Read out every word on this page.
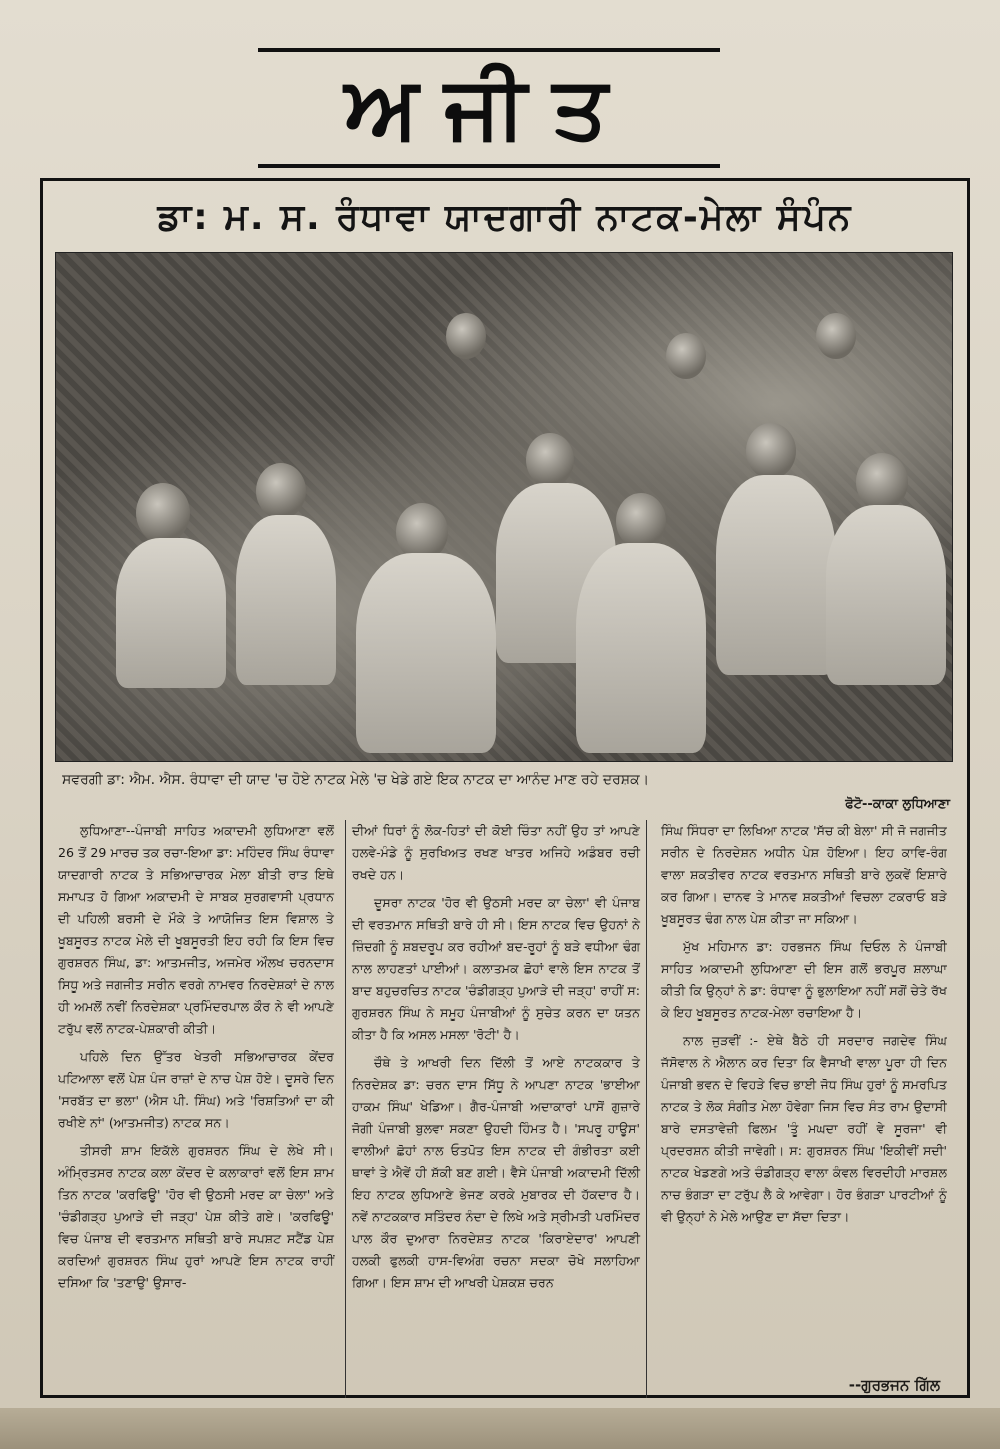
ਅਜੀਤ
ਡਾ: ਮ. ਸ. ਰੰਧਾਵਾ ਯਾਦਗਾਰੀ ਨਾਟਕ-ਮੇਲਾ ਸੰਪੰਨ
ਸਵਰਗੀ ਡਾ: ਐਮ. ਐਸ. ਰੰਧਾਵਾ ਦੀ ਯਾਦ 'ਚ ਹੋਏ ਨਾਟਕ ਮੇਲੇ 'ਚ ਖੇਡੇ ਗਏ ਇਕ ਨਾਟਕ ਦਾ ਆਨੰਦ ਮਾਣ ਰਹੇ ਦਰਸ਼ਕ।
ਫੋਟੋ--ਕਾਕਾ ਲੁਧਿਆਣਾ

ਲੁਧਿਆਣਾ--ਪੰਜਾਬੀ ਸਾਹਿਤ ਅਕਾਦਮੀ ਲੁਧਿਆਣਾ ਵਲੋਂ 26 ਤੋਂ 29 ਮਾਰਚ ਤਕ ਰਚਾ-ਇਆ ਡਾ: ਮਹਿੰਦਰ ਸਿੰਘ ਰੰਧਾਵਾ ਯਾਦਗਾਰੀ ਨਾਟਕ ਤੇ ਸਭਿਆਚਾਰਕ ਮੇਲਾ ਬੀਤੀ ਰਾਤ ਇਥੇ ਸਮਾਪਤ ਹੋ ਗਿਆ ਅਕਾਦਮੀ ਦੇ ਸਾਬਕ ਸੁਰਗਵਾਸੀ ਪ੍ਰਧਾਨ ਦੀ ਪਹਿਲੀ ਬਰਸੀ ਦੇ ਮੌਕੇ ਤੇ ਆਯੋਜਿਤ ਇਸ ਵਿਸ਼ਾਲ ਤੇ ਖੂਬਸੂਰਤ ਨਾਟਕ ਮੇਲੇ ਦੀ ਖੂਬਸੂਰਤੀ ਇਹ ਰਹੀ ਕਿ ਇਸ ਵਿਚ ਗੁਰਸ਼ਰਨ ਸਿੰਘ, ਡਾ: ਆਤਮਜੀਤ, ਅਜਮੇਰ ਔਲਖ ਚਰਨਦਾਸ ਸਿਧੂ ਅਤੇ ਜਗਜੀਤ ਸਰੀਨ ਵਰਗੇ ਨਾਮਵਰ ਨਿਰਦੇਸ਼ਕਾਂ ਦੇ ਨਾਲ ਹੀ ਅਮਲੋਂ ਨਵੀਂ ਨਿਰਦੇਸ਼ਕਾ ਪ੍ਰਮਿੰਦਰਪਾਲ ਕੌਰ ਨੇ ਵੀ ਆਪਣੇ ਟਰੁੱਪ ਵਲੋਂ ਨਾਟਕ-ਪੇਸ਼ਕਾਰੀ ਕੀਤੀ।

ਪਹਿਲੇ ਦਿਨ ਉੱਤਰ ਖੇਤਰੀ ਸਭਿਆਚਾਰਕ ਕੇਂਦਰ ਪਟਿਆਲਾ ਵਲੋਂ ਪੇਸ਼ ਪੰਜ ਰਾਜ਼ਾਂ ਦੇ ਨਾਚ ਪੇਸ਼ ਹੋਏ। ਦੂਸਰੇ ਦਿਨ 'ਸਰਬੱਤ ਦਾ ਭਲਾ' (ਐਸ ਪੀ. ਸਿੰਘ) ਅਤੇ 'ਰਿਸ਼ਤਿਆਂ ਦਾ ਕੀ ਰਖੀਏ ਨਾਂ' (ਆਤਮਜੀਤ) ਨਾਟਕ ਸਨ।

ਤੀਸਰੀ ਸ਼ਾਮ ਇਕੱਲੇ ਗੁਰਸ਼ਰਨ ਸਿੰਘ ਦੇ ਲੇਖੇ ਸੀ। ਅੰਮ੍ਰਿਤਸਰ ਨਾਟਕ ਕਲਾ ਕੇਂਦਰ ਦੇ ਕਲਾਕਾਰਾਂ ਵਲੋਂ ਇਸ ਸ਼ਾਮ ਤਿਨ ਨਾਟਕ 'ਕਰਫਿਊ' 'ਹੋਰ ਵੀ ਉਠਸੀ ਮਰਦ ਕਾ ਚੇਲਾ' ਅਤੇ 'ਚੰਡੀਗੜ੍ਹ ਪੁਆੜੇ ਦੀ ਜੜ੍ਹ' ਪੇਸ਼ ਕੀਤੇ ਗਏ। 'ਕਰਫਿਊ' ਵਿਚ ਪੰਜਾਬ ਦੀ ਵਰਤਮਾਨ ਸਥਿਤੀ ਬਾਰੇ ਸਪਸ਼ਟ ਸਟੈਂਡ ਪੇਸ਼ ਕਰਦਿਆਂ ਗੁਰਸ਼ਰਨ ਸਿੰਘ ਹੁਰਾਂ ਆਪਣੇ ਇਸ ਨਾਟਕ ਰਾਹੀਂ ਦਸਿਆ ਕਿ 'ਤਣਾਉ' ਉਸਾਰ-

ਦੀਆਂ ਧਿਰਾਂ ਨੂੰ ਲੋਕ-ਹਿਤਾਂ ਦੀ ਕੋਈ ਚਿੰਤਾ ਨਹੀਂ ਉਹ ਤਾਂ ਆਪਣੇ ਹਲਵੇ-ਮੰਡੇ ਨੂੰ ਸੁਰਖਿਅਤ ਰਖਣ ਖਾਤਰ ਅਜਿਹੇ ਅਡੰਬਰ ਰਚੀ ਰਖਦੇ ਹਨ।

ਦੂਸਰਾ ਨਾਟਕ 'ਹੋਰ ਵੀ ਉਠਸੀ ਮਰਦ ਕਾ ਚੇਲਾ' ਵੀ ਪੰਜਾਬ ਦੀ ਵਰਤਮਾਨ ਸਥਿਤੀ ਬਾਰੇ ਹੀ ਸੀ। ਇਸ ਨਾਟਕ ਵਿਚ ਉਹਨਾਂ ਨੇ ਜ਼ਿੰਦਗੀ ਨੂੰ ਸ਼ਬਦਰੂਪ ਕਰ ਰਹੀਆਂ ਬਦ-ਰੂਹਾਂ ਨੂੰ ਬੜੇ ਵਧੀਆ ਢੰਗ ਨਾਲ ਲਾਹਣਤਾਂ ਪਾਈਆਂ। ਕਲਾਤਮਕ ਛੋਹਾਂ ਵਾਲੇ ਇਸ ਨਾਟਕ ਤੋਂ ਬਾਦ ਬਹੁਚਰਚਿਤ ਨਾਟਕ 'ਚੰਡੀਗੜ੍ਹ ਪੁਆੜੇ ਦੀ ਜੜ੍ਹ' ਰਾਹੀਂ ਸ: ਗੁਰਸ਼ਰਨ ਸਿੰਘ ਨੇ ਸਮੂਹ ਪੰਜਾਬੀਆਂ ਨੂੰ ਸੁਚੇਤ ਕਰਨ ਦਾ ਯਤਨ ਕੀਤਾ ਹੈ ਕਿ ਅਸਲ ਮਸਲਾ 'ਰੋਟੀ' ਹੈ।

ਚੌਥੇ ਤੇ ਆਖਰੀ ਦਿਨ ਦਿੱਲੀ ਤੋਂ ਆਏ ਨਾਟਕਕਾਰ ਤੇ ਨਿਰਦੇਸ਼ਕ ਡਾ: ਚਰਨ ਦਾਸ ਸਿੱਧੂ ਨੇ ਆਪਣਾ ਨਾਟਕ 'ਭਾਈਆ ਹਾਕਮ ਸਿੰਘ' ਖੇਡਿਆ। ਗੈਰ-ਪੰਜਾਬੀ ਅਦਾਕਾਰਾਂ ਪਾਸੋਂ ਗੁਜ਼ਾਰੇ ਜੋਗੀ ਪੰਜਾਬੀ ਬੁਲਵਾ ਸਕਣਾ ਉਹਦੀ ਹਿੰਮਤ ਹੈ। 'ਸਪਰੂ ਹਾਊਸ' ਵਾਲੀਆਂ ਛੋਹਾਂ ਨਾਲ ਓਤਪੋਤ ਇਸ ਨਾਟਕ ਦੀ ਗੰਭੀਰਤਾ ਕਈ ਥਾਵਾਂ ਤੇ ਐਵੇਂ ਹੀ ਸ਼ੱਕੀ ਬਣ ਗਈ। ਵੈਸੇ ਪੰਜਾਬੀ ਅਕਾਦਮੀ ਦਿੱਲੀ ਇਹ ਨਾਟਕ ਲੁਧਿਆਣੇ ਭੇਜਣ ਕਰਕੇ ਮੁਬਾਰਕ ਦੀ ਹੱਕਦਾਰ ਹੈ। ਨਵੇਂ ਨਾਟਕਕਾਰ ਸਤਿੰਦਰ ਨੰਦਾ ਦੇ ਲਿਖੇ ਅਤੇ ਸ੍ਰੀਮਤੀ ਪਰਮਿੰਦਰ ਪਾਲ ਕੌਰ ਦੁਆਰਾ ਨਿਰਦੇਸ਼ਤ ਨਾਟਕ 'ਕਿਰਾਏਦਾਰ' ਆਪਣੀ ਹਲਕੀ ਫੁਲਕੀ ਹਾਸ-ਵਿਅੰਗ ਰਚਨਾ ਸਦਕਾ ਚੋਖੇ ਸਲਾਹਿਆ ਗਿਆ। ਇਸ ਸ਼ਾਮ ਦੀ ਆਖਰੀ ਪੇਸ਼ਕਸ਼ ਚਰਨ

ਸਿੰਘ ਸਿੰਧਰਾ ਦਾ ਲਿਖਿਆ ਨਾਟਕ 'ਸੱਚ ਕੀ ਬੇਲਾ' ਸੀ ਜੋ ਜਗਜੀਤ ਸਰੀਨ ਦੇ ਨਿਰਦੇਸ਼ਨ ਅਧੀਨ ਪੇਸ਼ ਹੋਇਆ। ਇਹ ਕਾਵਿ-ਰੰਗ ਵਾਲਾ ਸ਼ਕਤੀਵਰ ਨਾਟਕ ਵਰਤਮਾਨ ਸਥਿਤੀ ਬਾਰੇ ਲੁਕਵੇਂ ਇਸ਼ਾਰੇ ਕਰ ਗਿਆ। ਦਾਨਵ ਤੇ ਮਾਨਵ ਸ਼ਕਤੀਆਂ ਵਿਚਲਾ ਟਕਰਾਓ ਬੜੇ ਖੂਬਸੂਰਤ ਢੰਗ ਨਾਲ ਪੇਸ਼ ਕੀਤਾ ਜਾ ਸਕਿਆ।

ਮੁੱਖ ਮਹਿਮਾਨ ਡਾ: ਹਰਭਜਨ ਸਿੰਘ ਦਿਓਲ ਨੇ ਪੰਜਾਬੀ ਸਾਹਿਤ ਅਕਾਦਮੀ ਲੁਧਿਆਣਾ ਦੀ ਇਸ ਗਲੋਂ ਭਰਪੂਰ ਸ਼ਲਾਘਾ ਕੀਤੀ ਕਿ ਉਨ੍ਹਾਂ ਨੇ ਡਾ: ਰੰਧਾਵਾ ਨੂੰ ਭੁਲਾਇਆ ਨਹੀਂ ਸਗੋਂ ਚੇਤੇ ਰੱਖ ਕੇ ਇਹ ਖੂਬਸੂਰਤ ਨਾਟਕ-ਮੇਲਾ ਰਚਾਇਆ ਹੈ।

ਨਾਲ ਜੁੜਵੀਂ :- ਏਥੇ ਬੈਠੇ ਹੀ ਸਰਦਾਰ ਜਗਦੇਵ ਸਿੰਘ ਜੱਸੋਵਾਲ ਨੇ ਐਲਾਨ ਕਰ ਦਿਤਾ ਕਿ ਵੈਸਾਖੀ ਵਾਲਾ ਪੂਰਾ ਹੀ ਦਿਨ ਪੰਜਾਬੀ ਭਵਨ ਦੇ ਵਿਹੜੇ ਵਿਚ ਭਾਈ ਜੋਧ ਸਿੰਘ ਹੁਰਾਂ ਨੂੰ ਸਮਰਪਿਤ ਨਾਟਕ ਤੇ ਲੋਕ ਸੰਗੀਤ ਮੇਲਾ ਹੋਵੇਗਾ ਜਿਸ ਵਿਚ ਸੰਤ ਰਾਮ ਉਦਾਸੀ ਬਾਰੇ ਦਸਤਾਵੇਜ਼ੀ ਫਿਲਮ 'ਤੂੰ ਮਘਦਾ ਰਹੀਂ ਵੇ ਸੂਰਜਾ' ਵੀ ਪ੍ਰਦਰਸ਼ਨ ਕੀਤੀ ਜਾਵੇਗੀ। ਸ: ਗੁਰਸ਼ਰਨ ਸਿੰਘ 'ਇਕੀਵੀਂ ਸਦੀ' ਨਾਟਕ ਖੇਡਣਗੇ ਅਤੇ ਚੰਡੀਗੜ੍ਹ ਵਾਲਾ ਕੰਵਲ ਵਿਰਦੀਹੀ ਮਾਰਸ਼ਲ ਨਾਚ ਭੰਗੜਾ ਦਾ ਟਰੁੱਪ ਲੈ ਕੇ ਆਵੇਗਾ। ਹੋਰ ਭੰਗੜਾ ਪਾਰਟੀਆਂ ਨੂੰ ਵੀ ਉਨ੍ਹਾਂ ਨੇ ਮੇਲੇ ਆਉਣ ਦਾ ਸੱਦਾ ਦਿਤਾ।

--ਗੁਰਭਜਨ ਗਿੱਲ
